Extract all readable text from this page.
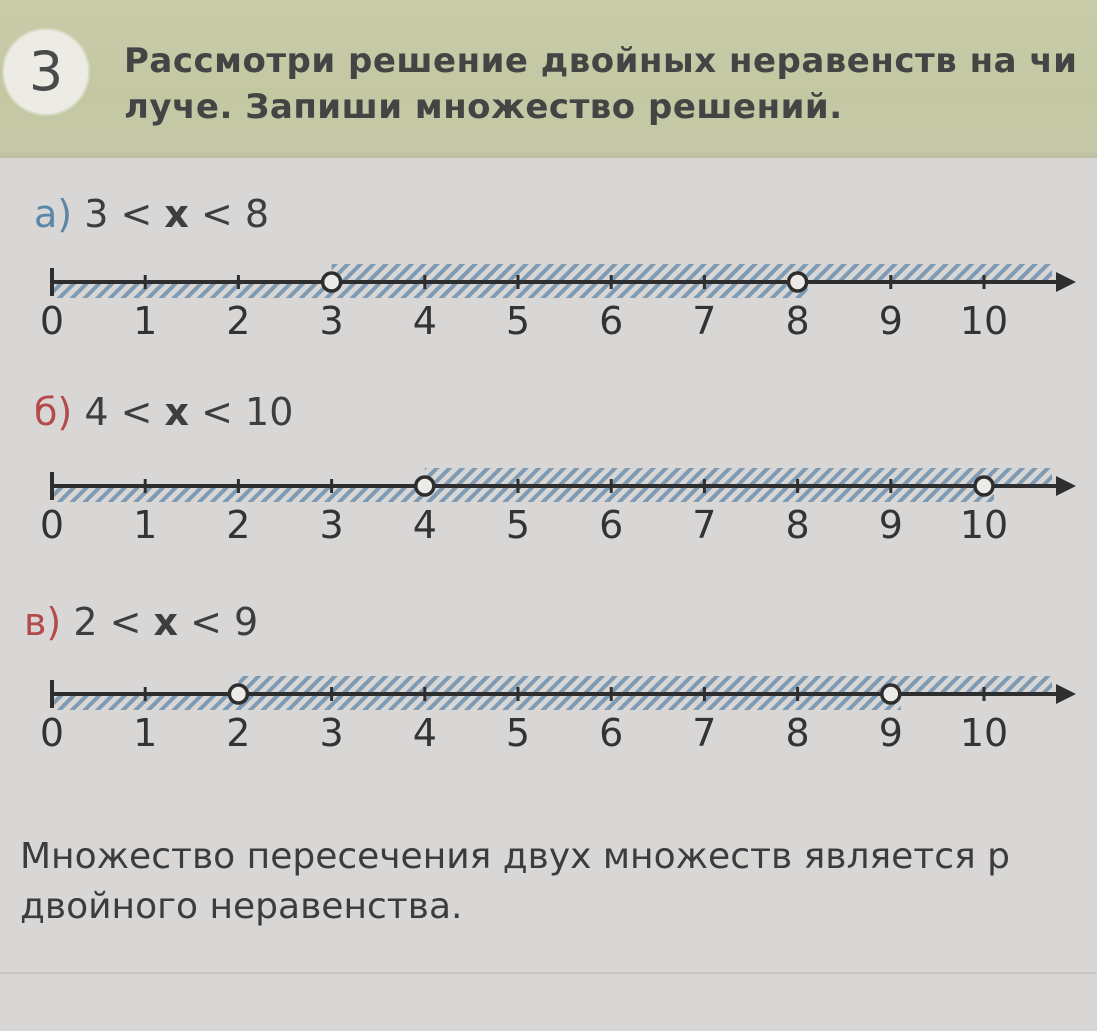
3	Рассмотри решение двойных неравенств на чи
луче. Запиши множество решений.
а) 3 < x < 8
0 1 2 3 4 5 6 7 8 9 10
б) 4 < x < 10
0 1 2 3 4 5 6 7 8 9 10
в) 2 < x < 9
0 1 2 3 4 5 6 7 8 9 10
Множество пересечения двух множеств является р
двойного неравенства.
